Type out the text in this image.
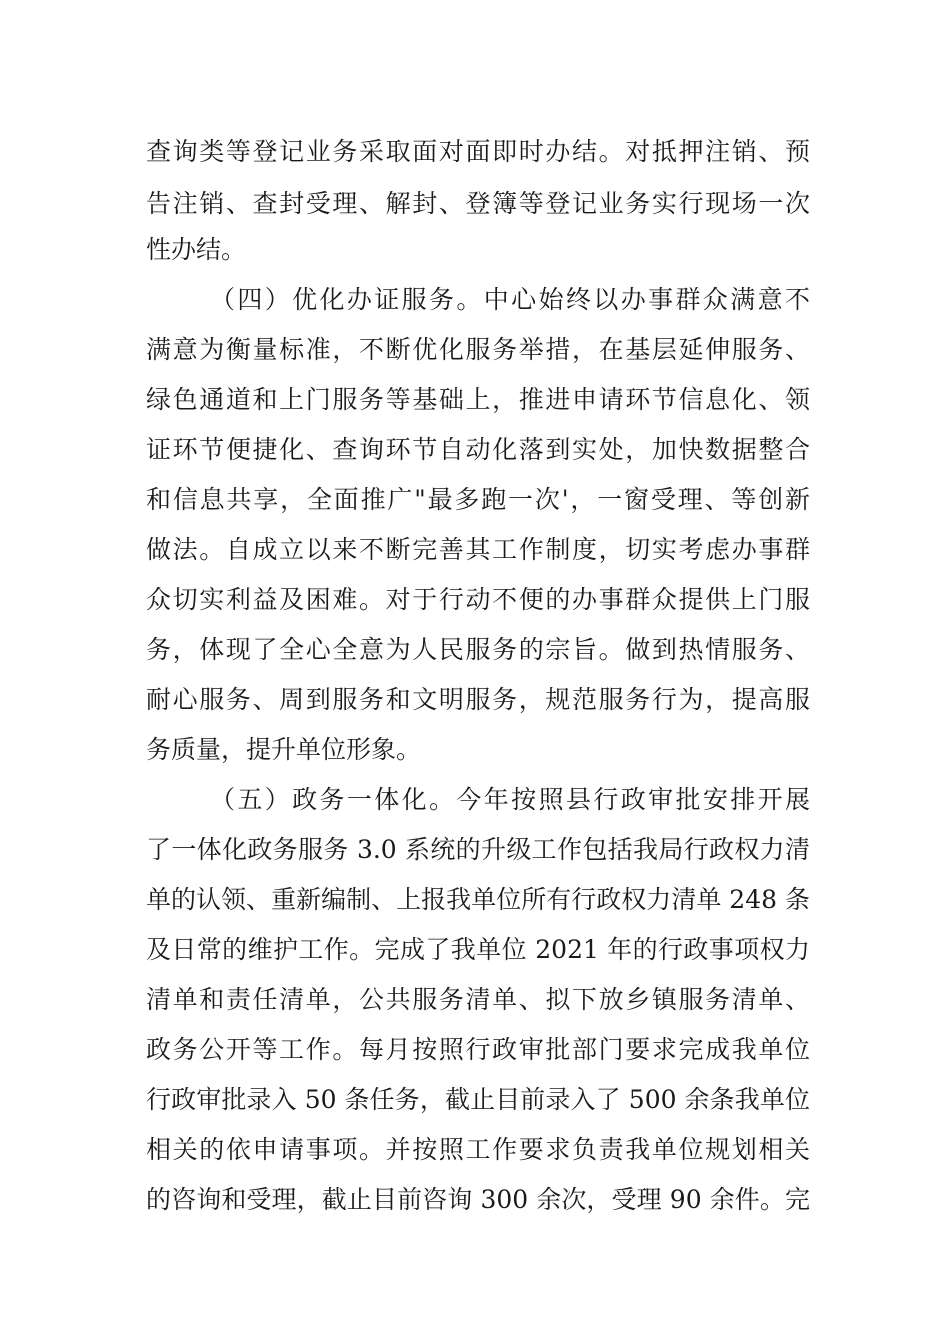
查询类等登记业务采取面对面即时办结。对抵押注销、预
告注销、查封受理、解封、登簿等登记业务实行现场一次
性办结。
（四）优化办证服务。中心始终以办事群众满意不
满意为衡量标准，不断优化服务举措，在基层延伸服务、
绿色通道和上门服务等基础上，推进申请环节信息化、领
证环节便捷化、查询环节自动化落到实处，加快数据整合
和信息共享，全面推广"最多跑一次'，一窗受理、等创新
做法。自成立以来不断完善其工作制度，切实考虑办事群
众切实利益及困难。对于行动不便的办事群众提供上门服
务，体现了全心全意为人民服务的宗旨。做到热情服务、
耐心服务、周到服务和文明服务，规范服务行为，提高服
务质量，提升单位形象。
（五）政务一体化。今年按照县行政审批安排开展
了一体化政务服务 3.0 系统的升级工作包括我局行政权力清
单的认领、重新编制、上报我单位所有行政权力清单 248 条
及日常的维护工作。完成了我单位 2021 年的行政事项权力
清单和责任清单，公共服务清单、拟下放乡镇服务清单、
政务公开等工作。每月按照行政审批部门要求完成我单位
行政审批录入 50 条任务，截止目前录入了 500 余条我单位
相关的依申请事项。并按照工作要求负责我单位规划相关
的咨询和受理，截止目前咨询 300 余次，受理 90 余件。完
